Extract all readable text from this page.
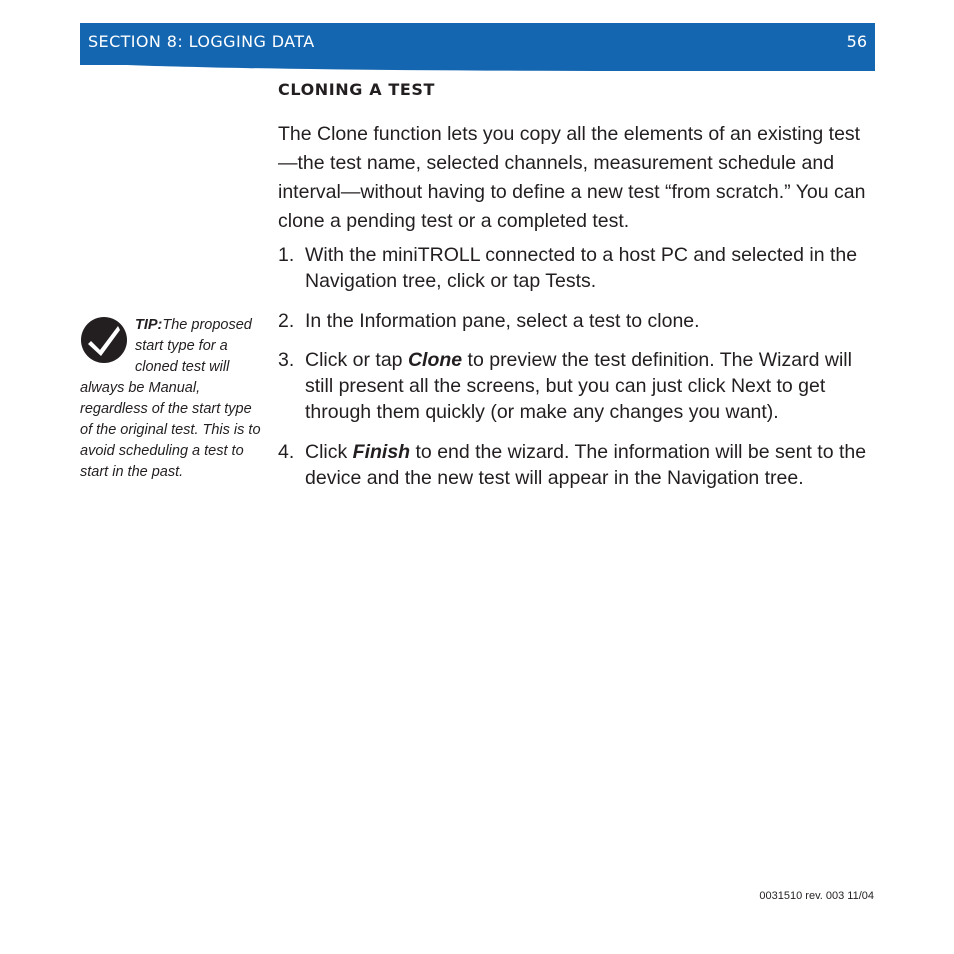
SECTION 8: LOGGING DATA	56
CLONING A TEST

The Clone function lets you copy all the elements of an existing test—the test name, selected channels, measurement schedule and interval—without having to define a new test “from scratch.” You can clone a pending test or a completed test.

1. With the miniTROLL connected to a host PC and selected in the Navigation tree, click or tap Tests.
2. In the Information pane, select a test to clone.
3. Click or tap Clone to preview the test definition. The Wizard will still present all the screens, but you can just click Next to get through them quickly (or make any changes you want).
4. Click Finish to end the wizard. The information will be sent to the device and the new test will appear in the Navigation tree.

TIP:The proposed start type for a cloned test will always be Manual, regardless of the start type of the original test. This is to avoid scheduling a test to start in the past.

0031510 rev. 003 11/04
